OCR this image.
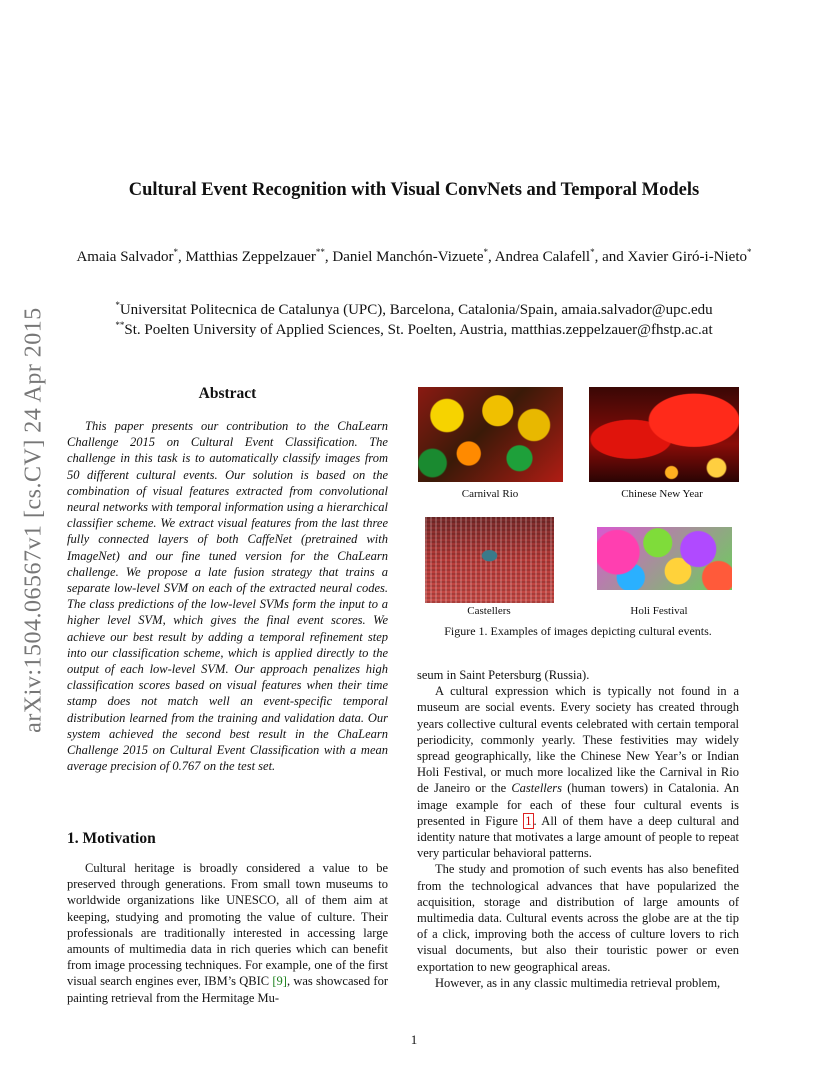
arXiv:1504.06567v1 [cs.CV] 24 Apr 2015
Cultural Event Recognition with Visual ConvNets and Temporal Models
Amaia Salvador*, Matthias Zeppelzauer**, Daniel Manchón-Vizuete*, Andrea Calafell*, and Xavier Giró-i-Nieto*
*Universitat Politecnica de Catalunya (UPC), Barcelona, Catalonia/Spain, amaia.salvador@upc.edu
**St. Poelten University of Applied Sciences, St. Poelten, Austria, matthias.zeppelzauer@fhstp.ac.at
Abstract

This paper presents our contribution to the ChaLearn Challenge 2015 on Cultural Event Classification. The challenge in this task is to automatically classify images from 50 different cultural events. Our solution is based on the combination of visual features extracted from convolutional neural networks with temporal information using a hierarchical classifier scheme. We extract visual features from the last three fully connected layers of both CaffeNet (pretrained with ImageNet) and our fine tuned version for the ChaLearn challenge. We propose a late fusion strategy that trains a separate low-level SVM on each of the extracted neural codes. The class predictions of the low-level SVMs form the input to a higher level SVM, which gives the final event scores. We achieve our best result by adding a temporal refinement step into our classification scheme, which is applied directly to the output of each low-level SVM. Our approach penalizes high classification scores based on visual features when their time stamp does not match well an event-specific temporal distribution learned from the training and validation data. Our system achieved the second best result in the ChaLearn Challenge 2015 on Cultural Event Classification with a mean average precision of 0.767 on the test set.

1. Motivation

Cultural heritage is broadly considered a value to be preserved through generations. From small town museums to worldwide organizations like UNESCO, all of them aim at keeping, studying and promoting the value of culture. Their professionals are traditionally interested in accessing large amounts of multimedia data in rich queries which can benefit from image processing techniques. For example, one of the first visual search engines ever, IBM’s QBIC [9], was showcased for painting retrieval from the Hermitage Mu-

Carnival Rio	Chinese New Year
Castellers	Holi Festival
Figure 1. Examples of images depicting cultural events.

seum in Saint Petersburg (Russia).

A cultural expression which is typically not found in a museum are social events. Every society has created through years collective cultural events celebrated with certain temporal periodicity, commonly yearly. These festivities may widely spread geographically, like the Chinese New Year’s or Indian Holi Festival, or much more localized like the Carnival in Rio de Janeiro or the Castellers (human towers) in Catalonia. An image example for each of these four cultural events is presented in Figure 1 . All of them have a deep cultural and identity nature that motivates a large amount of people to repeat very particular behavioral patterns.

The study and promotion of such events has also benefited from the technological advances that have popularized the acquisition, storage and distribution of large amounts of multimedia data. Cultural events across the globe are at the tip of a click, improving both the access of culture lovers to rich visual documents, but also their touristic power or even exportation to new geographical areas.

However, as in any classic multimedia retrieval problem,

1
